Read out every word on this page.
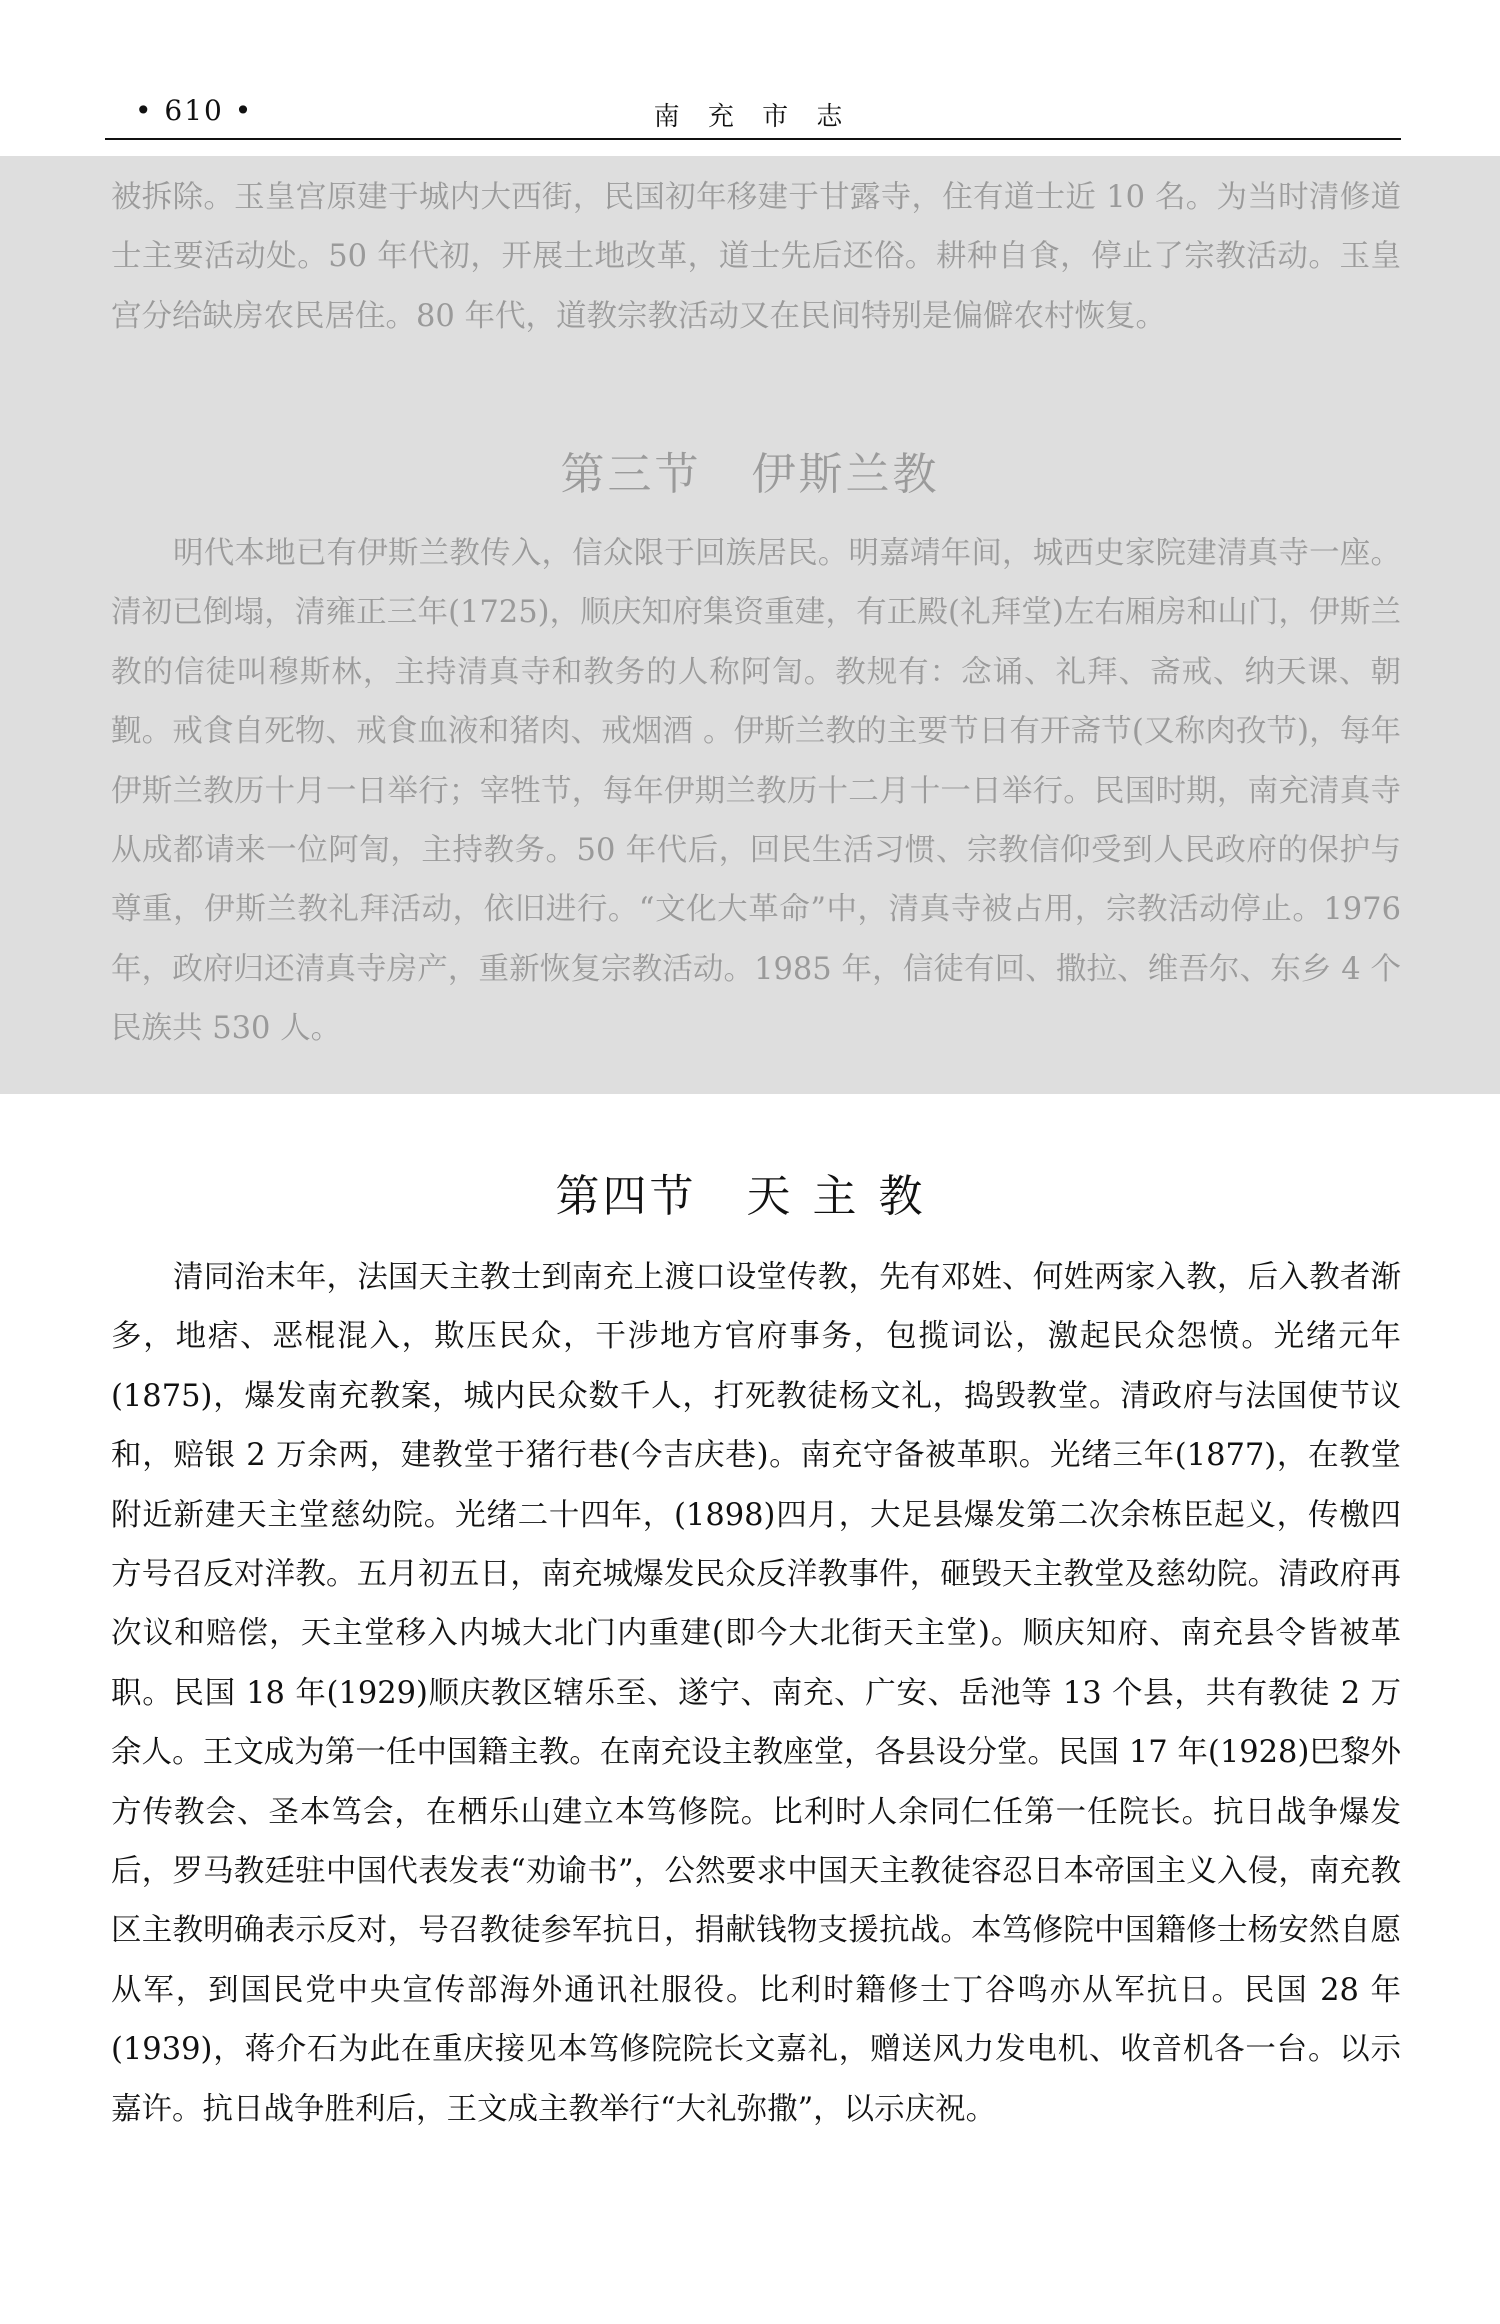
• 610 •	南 充 市 志

被拆除。玉皇宫原建于城内大西街，民国初年移建于甘露寺，住有道士近 10 名。为当时清修道士主要活动处。50 年代初，开展土地改革，道士先后还俗。耕种自食，停止了宗教活动。玉皇宫分给缺房农民居住。80 年代，道教宗教活动又在民间特别是偏僻农村恢复。

第三节 伊斯兰教

明代本地已有伊斯兰教传入，信众限于回族居民。明嘉靖年间，城西史家院建清真寺一座。清初已倒塌，清雍正三年(1725)，顺庆知府集资重建，有正殿(礼拜堂)左右厢房和山门，伊斯兰教的信徒叫穆斯林，主持清真寺和教务的人称阿訇。教规有：念诵、礼拜、斋戒、纳天课、朝觐。戒食自死物、戒食血液和猪肉、戒烟酒 。伊斯兰教的主要节日有开斋节(又称肉孜节)，每年伊斯兰教历十月一日举行；宰牲节，每年伊期兰教历十二月十一日举行。民国时期，南充清真寺从成都请来一位阿訇，主持教务。50 年代后，回民生活习惯、宗教信仰受到人民政府的保护与尊重，伊斯兰教礼拜活动，依旧进行。“文化大革命”中，清真寺被占用，宗教活动停止。1976 年，政府归还清真寺房产，重新恢复宗教活动。1985 年，信徒有回、撒拉、维吾尔、东乡 4 个民族共 530 人。

第四节 天主教

清同治末年，法国天主教士到南充上渡口设堂传教，先有邓姓、何姓两家入教，后入教者渐多，地痞、恶棍混入，欺压民众，干涉地方官府事务，包揽词讼，激起民众怨愤。光绪元年(1875)，爆发南充教案，城内民众数千人，打死教徒杨文礼，捣毁教堂。清政府与法国使节议和，赔银 2 万余两，建教堂于猪行巷(今吉庆巷)。南充守备被革职。光绪三年(1877)，在教堂附近新建天主堂慈幼院。光绪二十四年，(1898)四月，大足县爆发第二次余栋臣起义，传檄四方号召反对洋教。五月初五日，南充城爆发民众反洋教事件，砸毁天主教堂及慈幼院。清政府再次议和赔偿，天主堂移入内城大北门内重建(即今大北街天主堂)。顺庆知府、南充县令皆被革职。民国 18 年(1929)顺庆教区辖乐至、遂宁、南充、广安、岳池等 13 个县，共有教徒 2 万余人。王文成为第一任中国籍主教。在南充设主教座堂，各县设分堂。民国 17 年(1928)巴黎外方传教会、圣本笃会，在栖乐山建立本笃修院。比利时人余同仁任第一任院长。抗日战争爆发后，罗马教廷驻中国代表发表“劝谕书”，公然要求中国天主教徒容忍日本帝国主义入侵，南充教区主教明确表示反对，号召教徒参军抗日，捐献钱物支援抗战。本笃修院中国籍修士杨安然自愿从军，到国民党中央宣传部海外通讯社服役。比利时籍修士丁谷鸣亦从军抗日。民国 28 年(1939)，蒋介石为此在重庆接见本笃修院院长文嘉礼，赠送风力发电机、收音机各一台。以示嘉许。抗日战争胜利后，王文成主教举行“大礼弥撒”，以示庆祝。
